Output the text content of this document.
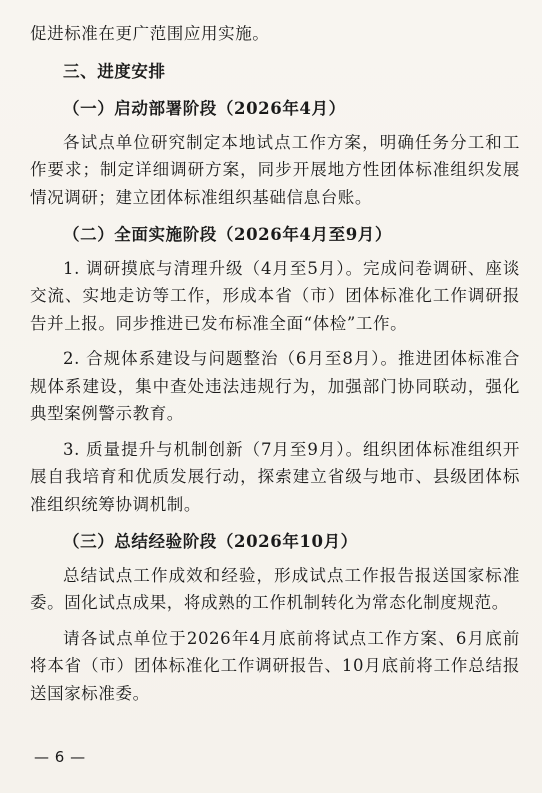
促进标准在更广范围应用实施。

三、进度安排

（一）启动部署阶段（2026年4月）

各试点单位研究制定本地试点工作方案，明确任务分工和工作要求；制定详细调研方案，同步开展地方性团体标准组织发展情况调研；建立团体标准组织基础信息台账。

（二）全面实施阶段（2026年4月至9月）

1. 调研摸底与清理升级（4月至5月）。完成问卷调研、座谈交流、实地走访等工作，形成本省（市）团体标准化工作调研报告并上报。同步推进已发布标准全面“体检”工作。

2. 合规体系建设与问题整治（6月至8月）。推进团体标准合规体系建设，集中查处违法违规行为，加强部门协同联动，强化典型案例警示教育。

3. 质量提升与机制创新（7月至9月）。组织团体标准组织开展自我培育和优质发展行动，探索建立省级与地市、县级团体标准组织统筹协调机制。

（三）总结经验阶段（2026年10月）

总结试点工作成效和经验，形成试点工作报告报送国家标准委。固化试点成果，将成熟的工作机制转化为常态化制度规范。

请各试点单位于2026年4月底前将试点工作方案、6月底前将本省（市）团体标准化工作调研报告、10月底前将工作总结报送国家标准委。

— 6 —
